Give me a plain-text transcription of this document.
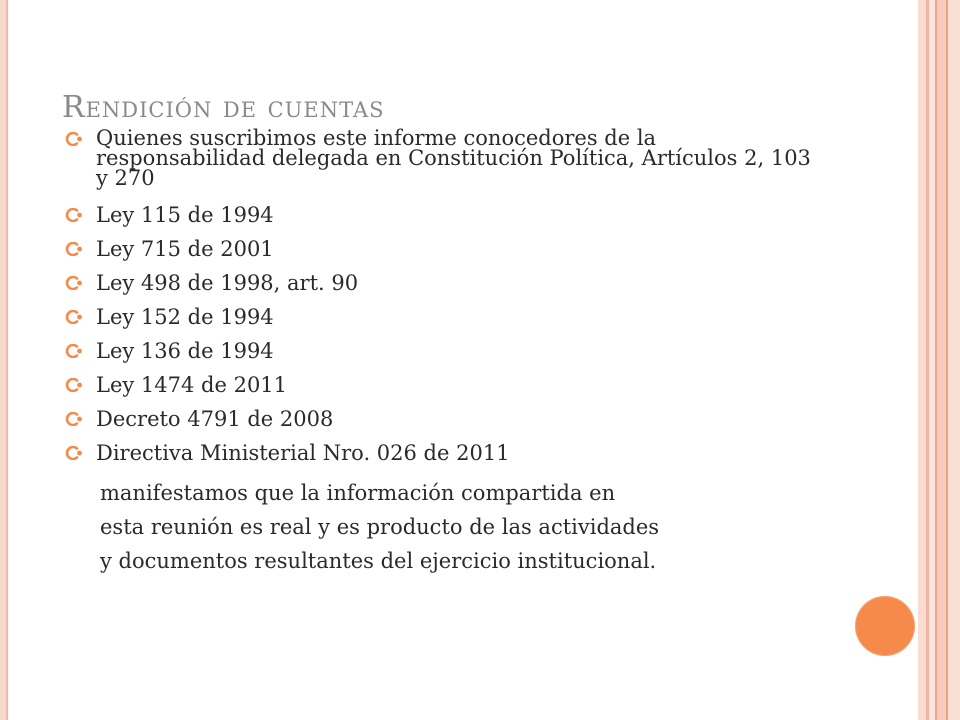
Rendición de cuentas
Quienes suscribimos este informe conocedores de la responsabilidad delegada en Constitución Política, Artículos 2, 103 y 270
Ley 115 de 1994
Ley 715 de 2001
Ley 498 de 1998, art. 90
Ley 152 de 1994
Ley 136 de 1994
Ley 1474 de 2011
Decreto 4791 de 2008
Directiva Ministerial Nro. 026 de 2011
manifestamos que la información compartida en
esta reunión es real y es producto de las actividades
y documentos resultantes del ejercicio institucional.
